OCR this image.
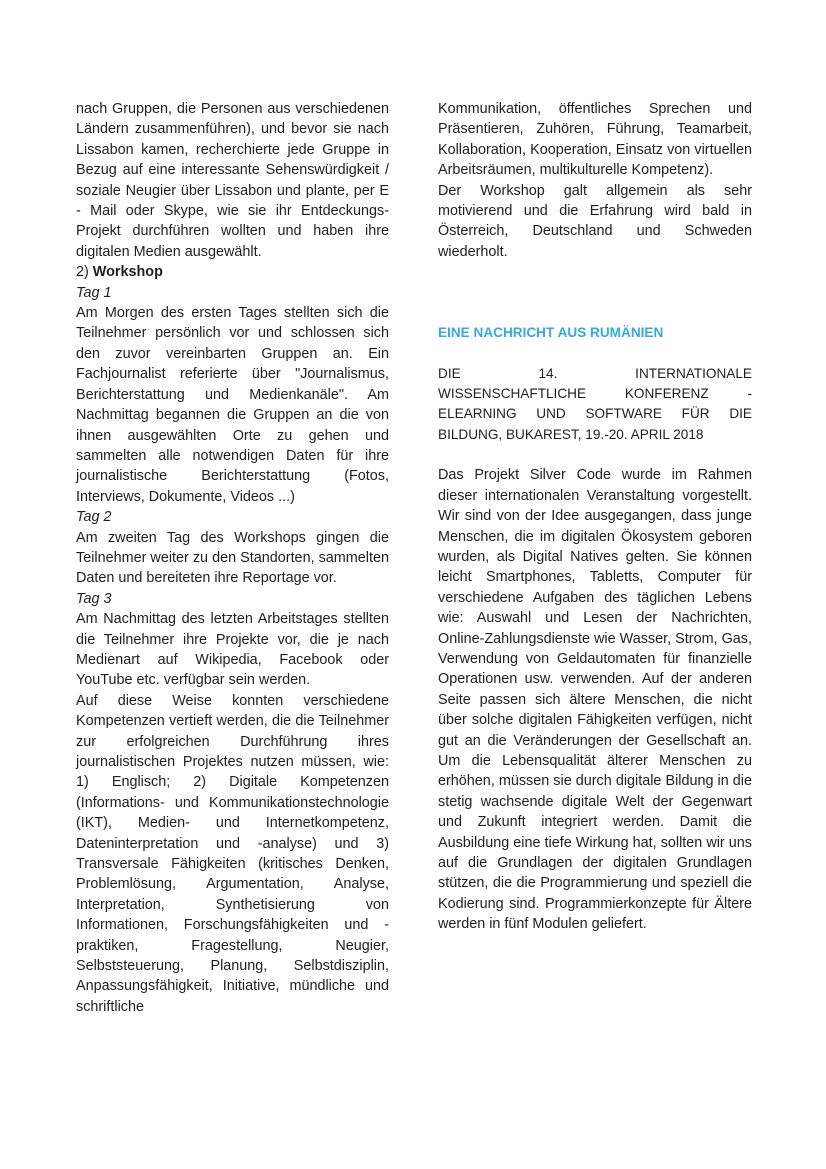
nach Gruppen, die Personen aus verschiedenen Ländern zusammenführen), und bevor sie nach Lissabon kamen, recherchierte jede Gruppe in Bezug auf eine interessante Sehenswürdigkeit / soziale Neugier über Lissabon und plante, per E - Mail oder Skype, wie sie ihr Entdeckungs-Projekt durchführen wollten und haben ihre digitalen Medien ausgewählt.

2) Workshop

Tag 1

Am Morgen des ersten Tages stellten sich die Teilnehmer persönlich vor und schlossen sich den zuvor vereinbarten Gruppen an. Ein Fachjournalist referierte über "Journalismus, Berichterstattung und Medienkanäle". Am Nachmittag begannen die Gruppen an die von ihnen ausgewählten Orte zu gehen und sammelten alle notwendigen Daten für ihre journalistische Berichterstattung (Fotos, Interviews, Dokumente, Videos ...)

Tag 2

Am zweiten Tag des Workshops gingen die Teilnehmer weiter zu den Standorten, sammelten Daten und bereiteten ihre Reportage vor.

Tag 3

Am Nachmittag des letzten Arbeitstages stellten die Teilnehmer ihre Projekte vor, die je nach Medienart auf Wikipedia, Facebook oder YouTube etc. verfügbar sein werden.

Auf diese Weise konnten verschiedene Kompetenzen vertieft werden, die die Teilnehmer zur erfolgreichen Durchführung ihres journalistischen Projektes nutzen müssen, wie: 1) Englisch; 2) Digitale Kompetenzen (Informations- und Kommunikationstechnologie (IKT), Medien- und Internetkompetenz, Dateninterpretation und -analyse) und 3) Transversale Fähigkeiten (kritisches Denken, Problemlösung, Argumentation, Analyse, Interpretation, Synthetisierung von Informationen, Forschungsfähigkeiten und -praktiken, Fragestellung, Neugier, Selbststeuerung, Planung, Selbstdisziplin, Anpassungsfähigkeit, Initiative, mündliche und schriftliche

Kommunikation, öffentliches Sprechen und Präsentieren, Zuhören, Führung, Teamarbeit, Kollaboration, Kooperation, Einsatz von virtuellen Arbeitsräumen, multikulturelle Kompetenz).

Der Workshop galt allgemein als sehr motivierend und die Erfahrung wird bald in Österreich, Deutschland und Schweden wiederholt.

EINE NACHRICHT AUS RUMÄNIEN

DIE 14. INTERNATIONALE WISSENSCHAFTLICHE KONFERENZ - ELEARNING UND SOFTWARE FÜR DIE BILDUNG, BUKAREST, 19.-20. APRIL 2018

Das Projekt Silver Code wurde im Rahmen dieser internationalen Veranstaltung vorgestellt. Wir sind von der Idee ausgegangen, dass junge Menschen, die im digitalen Ökosystem geboren wurden, als Digital Natives gelten. Sie können leicht Smartphones, Tabletts, Computer für verschiedene Aufgaben des täglichen Lebens wie: Auswahl und Lesen der Nachrichten, Online-Zahlungsdienste wie Wasser, Strom, Gas, Verwendung von Geldautomaten für finanzielle Operationen usw. verwenden. Auf der anderen Seite passen sich ältere Menschen, die nicht über solche digitalen Fähigkeiten verfügen, nicht gut an die Veränderungen der Gesellschaft an. Um die Lebensqualität älterer Menschen zu erhöhen, müssen sie durch digitale Bildung in die stetig wachsende digitale Welt der Gegenwart und Zukunft integriert werden. Damit die Ausbildung eine tiefe Wirkung hat, sollten wir uns auf die Grundlagen der digitalen Grundlagen stützen, die die Programmierung und speziell die Kodierung sind. Programmierkonzepte für Ältere werden in fünf Modulen geliefert.
